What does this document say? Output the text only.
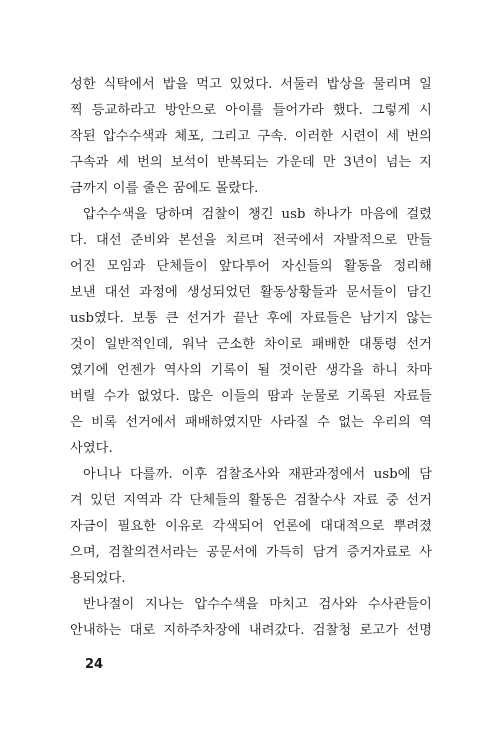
성한 식탁에서 밥을 먹고 있었다. 서둘러 밥상을 물리며 일
찍 등교하라고 방안으로 아이를 들어가라 했다. 그렇게 시
작된 압수수색과 체포, 그리고 구속. 이러한 시련이 세 번의
구속과 세 번의 보석이 반복되는 가운데 만 3년이 넘는 지
금까지 이를 줄은 꿈에도 몰랐다.
압수수색을 당하며 검찰이 챙긴 usb 하나가 마음에 걸렸
다. 대선 준비와 본선을 치르며 전국에서 자발적으로 만들
어진 모임과 단체들이 앞다투어 자신들의 활동을 정리해
보낸 대선 과정에 생성되었던 활동상황들과 문서들이 담긴
usb였다. 보통 큰 선거가 끝난 후에 자료들은 남기지 않는
것이 일반적인데, 워낙 근소한 차이로 패배한 대통령 선거
였기에 언젠가 역사의 기록이 될 것이란 생각을 하니 차마
버릴 수가 없었다. 많은 이들의 땀과 눈물로 기록된 자료들
은 비록 선거에서 패배하였지만 사라질 수 없는 우리의 역
사였다.
아니나 다를까. 이후 검찰조사와 재판과정에서 usb에 담
겨 있던 지역과 각 단체들의 활동은 검찰수사 자료 중 선거
자금이 필요한 이유로 각색되어 언론에 대대적으로 뿌려졌
으며, 검찰의견서라는 공문서에 가득히 담겨 증거자료로 사
용되었다.
반나절이 지나는 압수수색을 마치고 검사와 수사관들이
안내하는 대로 지하주차장에 내려갔다. 검찰청 로고가 선명
24
